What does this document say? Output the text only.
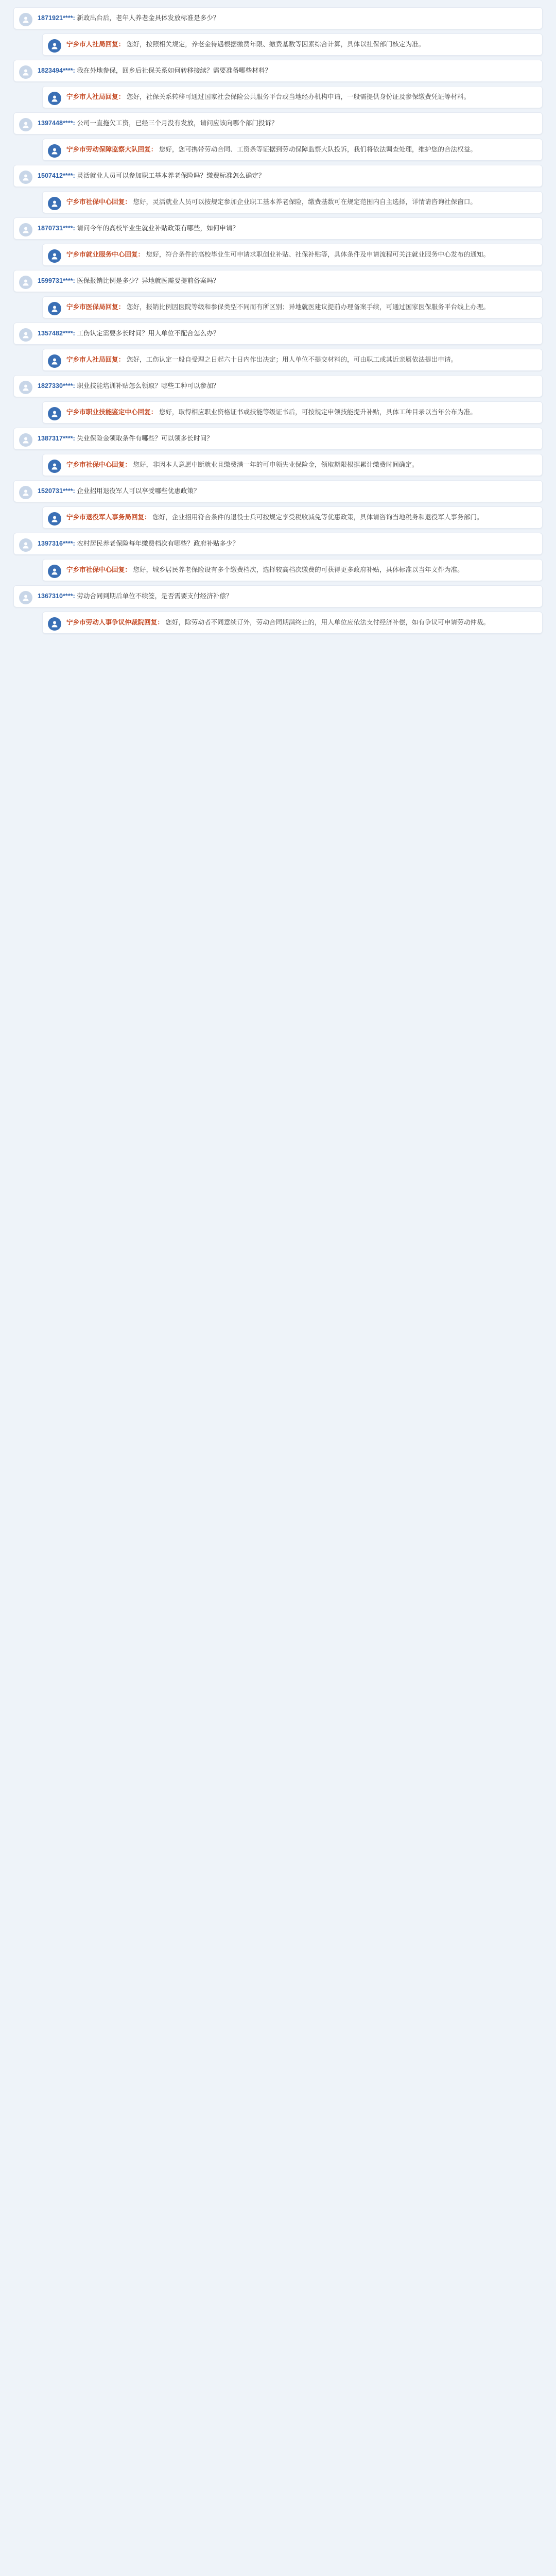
1871921****: 新政出台后，老年人养老金具体发放标准是多少？
宁乡市人社局回复： 您好，按照相关规定，养老金待遇根据缴费年限、缴费基数等因素综合计算，具体以社保部门核定为准。
1823494****: 我在外地参保，回乡后社保关系如何转移接续？需要准备哪些材料？
宁乡市人社局回复： 您好，社保关系转移可通过国家社会保险公共服务平台或当地经办机构申请，一般需提供身份证及参保缴费凭证等材料。
1397448****: 公司一直拖欠工资，已经三个月没有发放，请问应该向哪个部门投诉？
宁乡市劳动保障监察大队回复： 您好，您可携带劳动合同、工资条等证据到劳动保障监察大队投诉，我们将依法调查处理，维护您的合法权益。
1507412****: 灵活就业人员可以参加职工基本养老保险吗？缴费标准怎么确定？
宁乡市社保中心回复： 您好，灵活就业人员可以按规定参加企业职工基本养老保险，缴费基数可在规定范围内自主选择，详情请咨询社保窗口。
1870731****: 请问今年的高校毕业生就业补贴政策有哪些，如何申请？
宁乡市就业服务中心回复： 您好，符合条件的高校毕业生可申请求职创业补贴、社保补贴等，具体条件及申请流程可关注就业服务中心发布的通知。
1599731****: 医保报销比例是多少？异地就医需要提前备案吗？
宁乡市医保局回复： 您好，报销比例因医院等级和参保类型不同而有所区别；异地就医建议提前办理备案手续，可通过国家医保服务平台线上办理。
1357482****: 工伤认定需要多长时间？用人单位不配合怎么办？
宁乡市人社局回复： 您好，工伤认定一般自受理之日起六十日内作出决定；用人单位不提交材料的，可由职工或其近亲属依法提出申请。
1827330****: 职业技能培训补贴怎么领取？哪些工种可以参加？
宁乡市职业技能鉴定中心回复： 您好，取得相应职业资格证书或技能等级证书后，可按规定申领技能提升补贴，具体工种目录以当年公布为准。
1387317****: 失业保险金领取条件有哪些？可以领多长时间？
宁乡市社保中心回复： 您好，非因本人意愿中断就业且缴费满一年的可申领失业保险金，领取期限根据累计缴费时间确定。
1520731****: 企业招用退役军人可以享受哪些优惠政策？
宁乡市退役军人事务局回复： 您好，企业招用符合条件的退役士兵可按规定享受税收减免等优惠政策，具体请咨询当地税务和退役军人事务部门。
1397316****: 农村居民养老保险每年缴费档次有哪些？政府补贴多少？
宁乡市社保中心回复： 您好，城乡居民养老保险设有多个缴费档次，选择较高档次缴费的可获得更多政府补贴，具体标准以当年文件为准。
1367310****: 劳动合同到期后单位不续签，是否需要支付经济补偿？
宁乡市劳动人事争议仲裁院回复： 您好，除劳动者不同意续订外，劳动合同期满终止的，用人单位应依法支付经济补偿，如有争议可申请劳动仲裁。
